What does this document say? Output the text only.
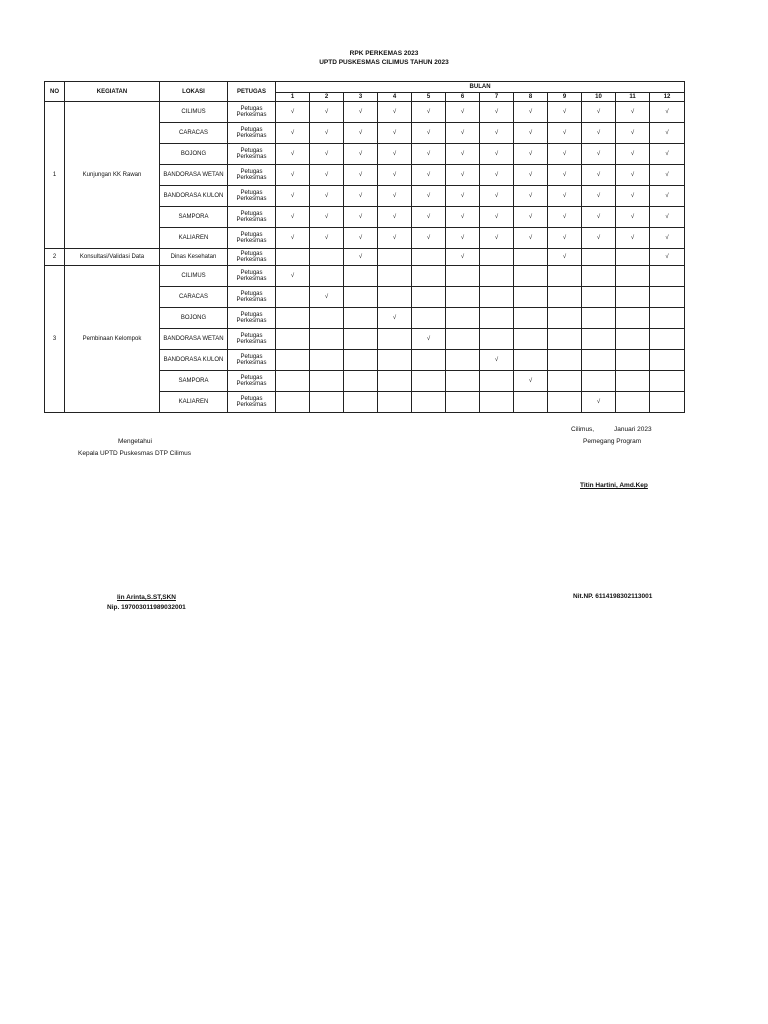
RPK PERKEMAS 2023
UPTD PUSKESMAS CILIMUS TAHUN 2023
NO	KEGIATAN	LOKASI	PETUGAS	BULAN											
				1	2	3	4	5	6	7	8	9	10	11	12
1	Kunjungan KK Rawan	CILIMUS	Petugas Perkesmas	√	√	√	√	√	√	√	√	√	√	√	√
		CARACAS	Petugas Perkesmas	√	√	√	√	√	√	√	√	√	√	√	√
		BOJONG	Petugas Perkesmas	√	√	√	√	√	√	√	√	√	√	√	√
		BANDORASA WETAN	Petugas Perkesmas	√	√	√	√	√	√	√	√	√	√	√	√
		BANDORASA KULON	Petugas Perkesmas	√	√	√	√	√	√	√	√	√	√	√	√
		SAMPORA	Petugas Perkesmas	√	√	√	√	√	√	√	√	√	√	√	√
		KALIAREN	Petugas Perkesmas	√	√	√	√	√	√	√	√	√	√	√	√
2	Konsultasi/Validasi Data	Dinas Kesehatan	Petugas Perkesmas			√			√			√			√
3	Pembinaan Kelompok	CILIMUS	Petugas Perkesmas	√											
		CARACAS	Petugas Perkesmas		√										
		BOJONG	Petugas Perkesmas				√								
		BANDORASA WETAN	Petugas Perkesmas					√							
		BANDORASA KULON	Petugas Perkesmas							√					
		SAMPORA	Petugas Perkesmas								√				
		KALIAREN	Petugas Perkesmas										√		
Cilimus,	Januari 2023
Pemegang Program
Mengetahui
Kepala UPTD Puskesmas DTP Cilimus
Titin Hartini, Amd.Kep
Nit.NP. 6114198302113001
Iin Arinta,S.ST,SKN
Nip. 197003011989032001
